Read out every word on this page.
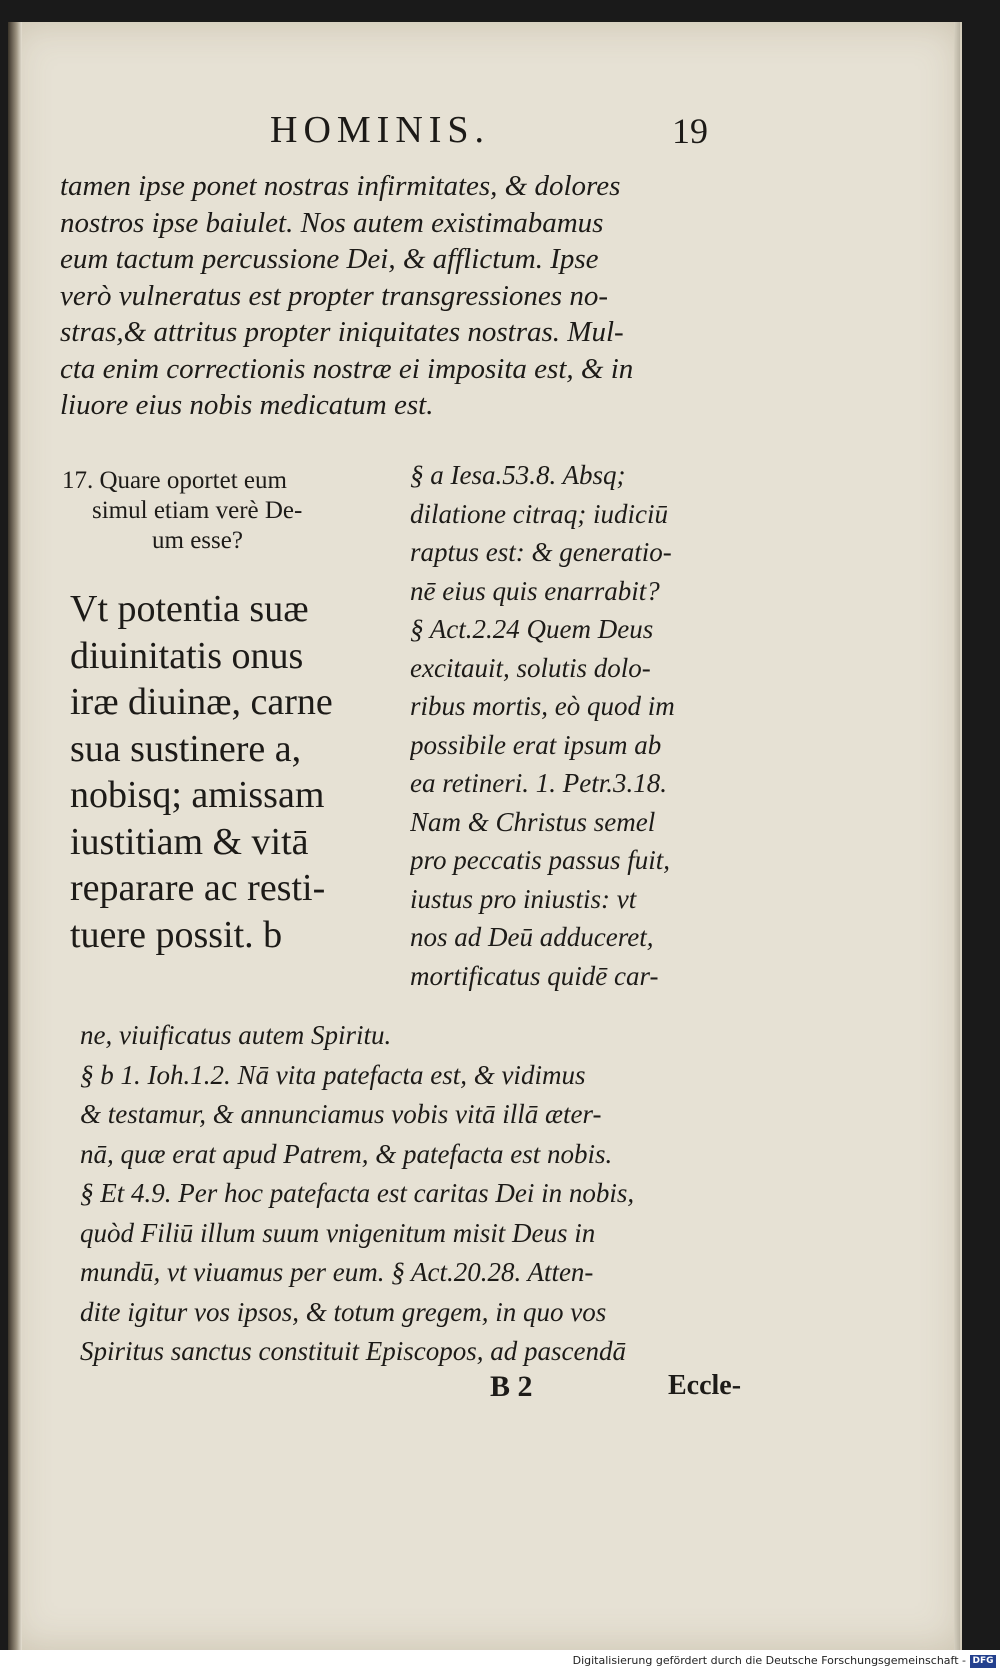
HOMINIS.	19
tamen ipse ponet nostras infirmitates, & dolores
nostros ipse baiulet. Nos autem existimabamus
eum tactum percussione Dei, & afflictum. Ipse
verò vulneratus est propter transgressiones no-
stras,& attritus propter iniquitates nostras. Mul-
cta enim correctionis nostræ ei imposita est, & in
liuore eius nobis medicatum est.
17. Quare oportet eum
simul etiam verè De-
um esse?
Vt potentia suæ
diuinitatis onus
iræ diuinæ, carne
sua sustinere a,
nobisq; amissam
iustitiam & vitā
reparare ac resti-
tuere possit. b
§ a Iesa.53.8. Absq;
dilatione citraq; iudiciū
raptus est: & generatio-
nē eius quis enarrabit?
§ Act.2.24 Quem Deus
excitauit, solutis dolo-
ribus mortis, eò quod im
possibile erat ipsum ab
ea retineri. 1. Petr.3.18.
Nam & Christus semel
pro peccatis passus fuit,
iustus pro iniustis: vt
nos ad Deū adduceret,
mortificatus quidē car-
ne, viuificatus autem Spiritu.
§ b 1. Ioh.1.2. Nā vita patefacta est, & vidimus
& testamur, & annunciamus vobis vitā illā æter-
nā, quæ erat apud Patrem, & patefacta est nobis.
§ Et 4.9. Per hoc patefacta est caritas Dei in nobis,
quòd Filiū illum suum vnigenitum misit Deus in
mundū, vt viuamus per eum. § Act.20.28. Atten-
dite igitur vos ipsos, & totum gregem, in quo vos
Spiritus sanctus constituit Episcopos, ad pascendā
B 2	Eccle-
Digitalisierung gefördert durch die Deutsche Forschungsgemeinschaft - DFG
